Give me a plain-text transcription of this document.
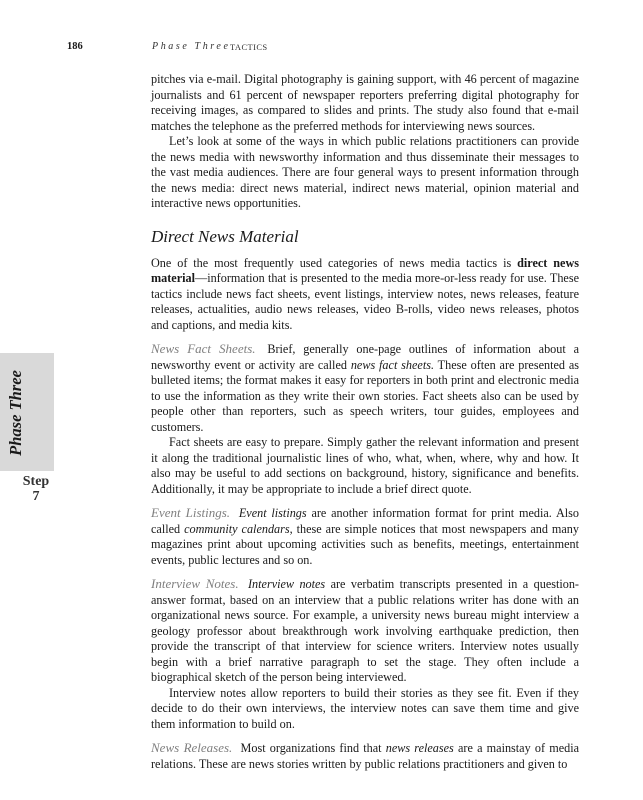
186	Phase Three TACTICS
Phase Three
Step
7

pitches via e-mail. Digital photography is gaining support, with 46 percent of magazine journalists and 61 percent of newspaper reporters preferring digital photography for receiving images, as compared to slides and prints. The study also found that e-mail matches the telephone as the preferred methods for interviewing news sources.

Let’s look at some of the ways in which public relations practitioners can provide the news media with newsworthy information and thus disseminate their messages to the vast media audiences. There are four general ways to present information through the news media: direct news material, indirect news material, opinion material and interactive news opportunities.

Direct News Material

One of the most frequently used categories of news media tactics is direct news material—information that is presented to the media more-or-less ready for use. These tactics include news fact sheets, event listings, interview notes, news releases, feature releases, actualities, audio news releases, video B-rolls, video news releases, photos and captions, and media kits.

News Fact Sheets. Brief, generally one-page outlines of information about a newsworthy event or activity are called news fact sheets. These often are presented as bulleted items; the format makes it easy for reporters in both print and electronic media to use the information as they write their own stories. Fact sheets also can be used by people other than reporters, such as speech writers, tour guides, employees and customers.

Fact sheets are easy to prepare. Simply gather the relevant information and present it along the traditional journalistic lines of who, what, when, where, why and how. It also may be useful to add sections on background, history, significance and benefits. Additionally, it may be appropriate to include a brief direct quote.

Event Listings. Event listings are another information format for print media. Also called community calendars, these are simple notices that most newspapers and many magazines print about upcoming activities such as benefits, meetings, entertainment events, public lectures and so on.

Interview Notes. Interview notes are verbatim transcripts presented in a question-answer format, based on an interview that a public relations writer has done with an organizational news source. For example, a university news bureau might interview a geology professor about breakthrough work involving earthquake prediction, then provide the transcript of that interview for science writers. Interview notes usually begin with a brief narrative paragraph to set the stage. They often include a biographical sketch of the person being interviewed.

Interview notes allow reporters to build their stories as they see fit. Even if they decide to do their own interviews, the interview notes can save them time and give them information to build on.

News Releases. Most organizations find that news releases are a mainstay of media relations. These are news stories written by public relations practitioners and given to
